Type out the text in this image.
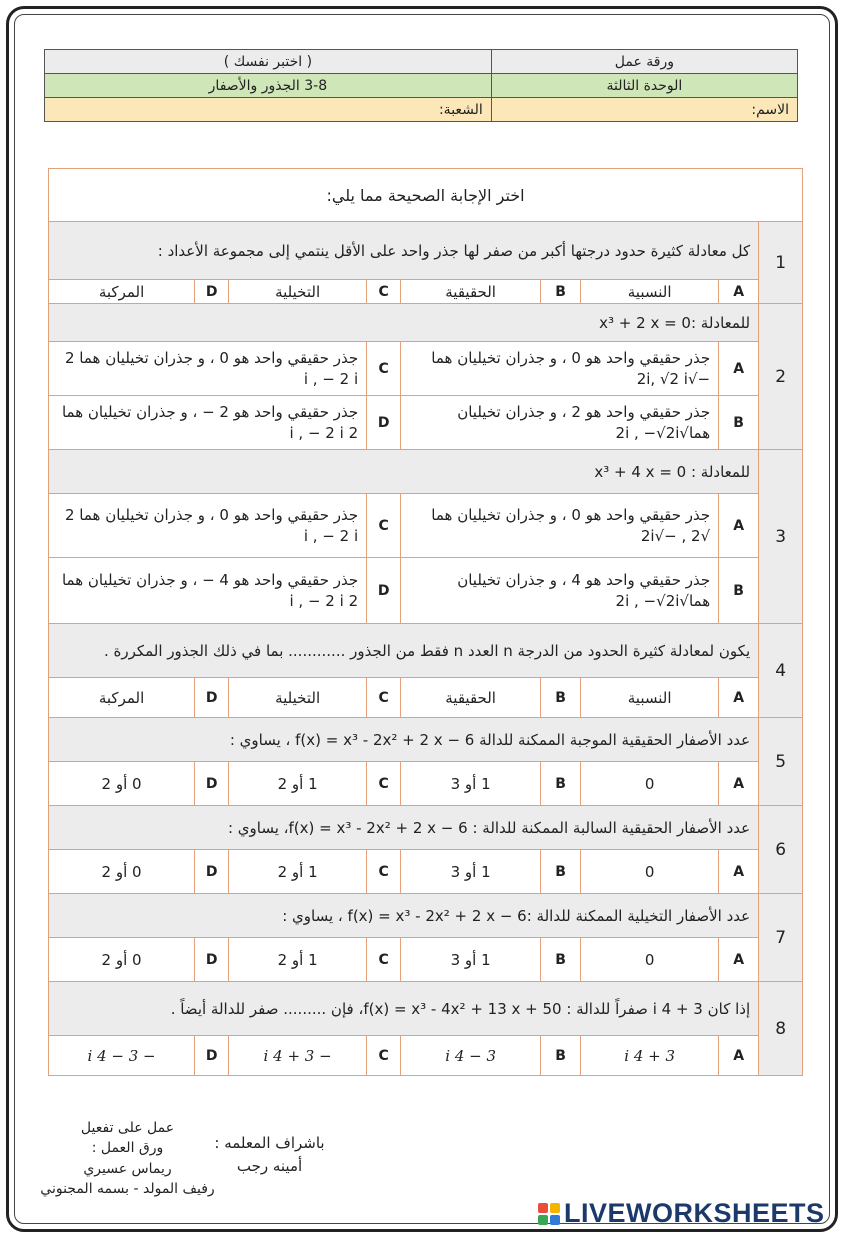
ورقة عمل	( اختبر نفسك )
الوحدة الثالثة	3-8 الجذور والأصفار
الاسم:	الشعبة:
اختر الإجابة الصحيحة مما يلي:								
1	كل معادلة كثيرة حدود درجتها أكبر من صفر لها جذر واحد على الأقل ينتمي إلى مجموعة الأعداد :							
	A	النسبية	B	الحقيقية	C	التخيلية	D	المركبة
2	للمعادلة :x³ + 2 x = 0							
	A	جذر حقيقي واحد هو 0 ، و جذران تخيليان هما −√2i, √2 i			C	جذر حقيقي واحد هو 0 ، و جذران تخيليان هما 2 i , − 2 i		
	B	جذر حقيقي واحد هو 2 ، و جذران تخيليان هما√2i , −√2i			D	جذر حقيقي واحد هو 2 − ، و جذران تخيليان هما 2 i , − 2 i		
3	للمعادلة : x³ + 4 x = 0							
	A	جذر حقيقي واحد هو 0 ، و جذران تخيليان هما √2 , −√2i			C	جذر حقيقي واحد هو 0 ، و جذران تخيليان هما 2 i , − 2 i		
	B	جذر حقيقي واحد هو 4 ، و جذران تخيليان هما√2i , −√2i			D	جذر حقيقي واحد هو 4 − ، و جذران تخيليان هما 2 i , − 2 i		
4	يكون لمعادلة كثيرة الحدود من الدرجة n العدد n فقط من الجذور ............ بما في ذلك الجذور المكررة .							
	A	النسبية	B	الحقيقية	C	التخيلية	D	المركبة
5	عدد الأصفار الحقيقية الموجبة الممكنة للدالة f(x) = x³ - 2x² + 2 x − 6 ، يساوي :							
	A	0	B	1 أو 3	C	1 أو 2	D	0 أو 2
6	عدد الأصفار الحقيقية السالبة الممكنة للدالة : f(x) = x³ - 2x² + 2 x − 6، يساوي :							
	A	0	B	1 أو 3	C	1 أو 2	D	0 أو 2
7	عدد الأصفار التخيلية الممكنة للدالة :f(x) = x³ - 2x² + 2 x − 6 ، يساوي :							
	A	0	B	1 أو 3	C	1 أو 2	D	0 أو 2
8	إذا كان 3 + 4 i صفراً للدالة : f(x) = x³ - 4x² + 13 x + 50، فإن ......... صفر للدالة أيضاً .							
	A	3 + 4 i	B	3 − 4 i	C	− 3 + 4 i	D	− 3 − 4 i
عمل على تفعيل
ورق العمل :
ريماس عسيري
رفيف المولد - بسمه المجنوني
باشراف المعلمه :
أمينه رجب
LIVEWORKSHEETS
